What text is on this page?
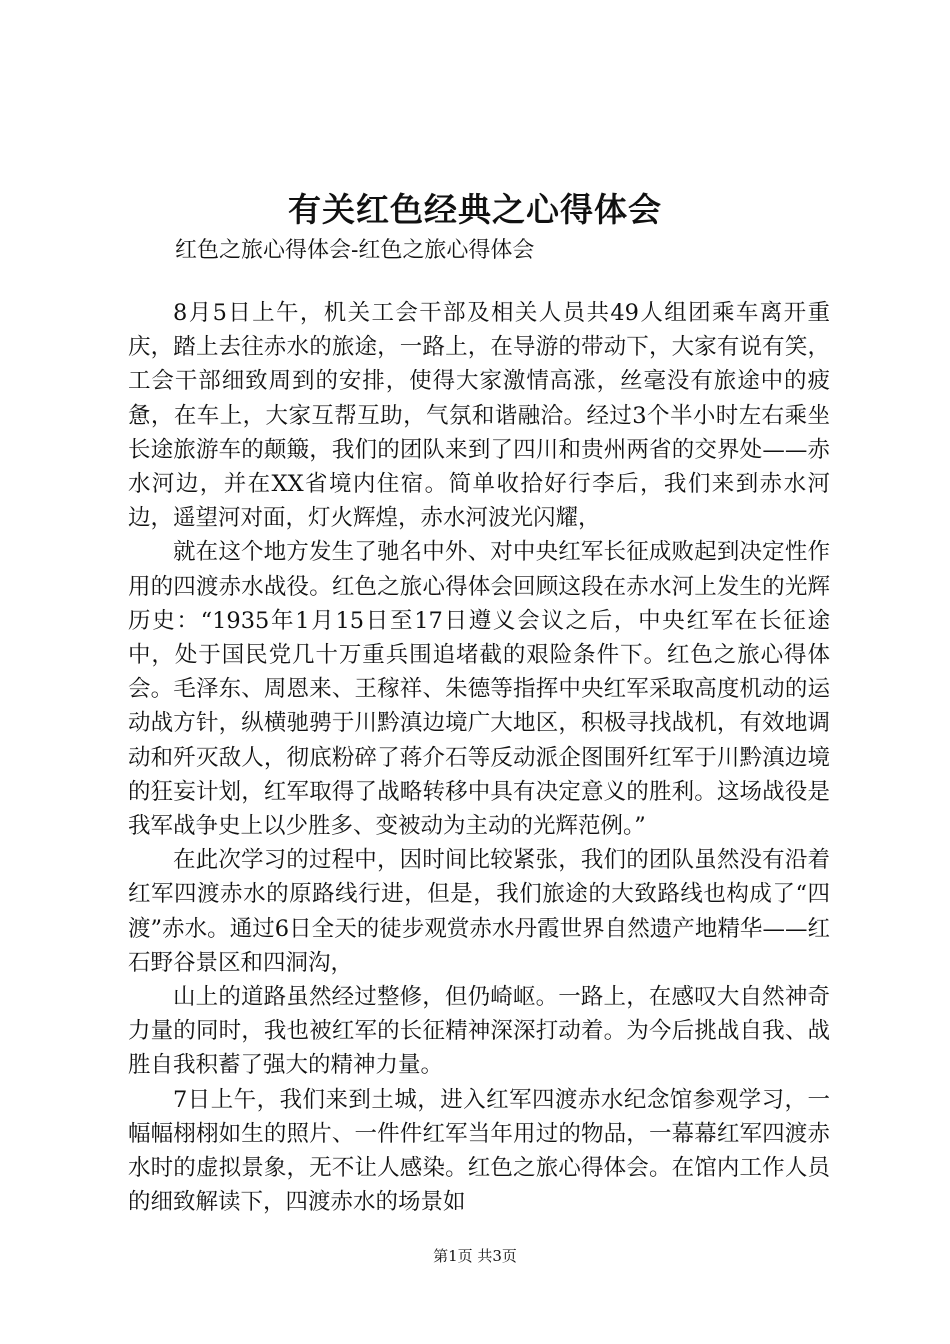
有关红色经典之心得体会

红色之旅心得体会-红色之旅心得体会

8月5日上午，机关工会干部及相关人员共49人组团乘车离开重庆，踏上去往赤水的旅途，一路上，在导游的带动下，大家有说有笑，工会干部细致周到的安排，使得大家激情高涨，丝毫没有旅途中的疲惫，在车上，大家互帮互助，气氛和谐融洽。经过3个半小时左右乘坐长途旅游车的颠簸，我们的团队来到了四川和贵州两省的交界处——赤水河边，并在XX省境内住宿。简单收拾好行李后，我们来到赤水河边，遥望河对面，灯火辉煌，赤水河波光闪耀，

就在这个地方发生了驰名中外、对中央红军长征成败起到决定性作用的四渡赤水战役。红色之旅心得体会回顾这段在赤水河上发生的光辉历史：“1935年1月15日至17日遵义会议之后，中央红军在长征途中，处于国民党几十万重兵围追堵截的艰险条件下。红色之旅心得体会。毛泽东、周恩来、王稼祥、朱德等指挥中央红军采取高度机动的运动战方针，纵横驰骋于川黔滇边境广大地区，积极寻找战机，有效地调动和歼灭敌人，彻底粉碎了蒋介石等反动派企图围歼红军于川黔滇边境的狂妄计划，红军取得了战略转移中具有决定意义的胜利。这场战役是我军战争史上以少胜多、变被动为主动的光辉范例。”

在此次学习的过程中，因时间比较紧张，我们的团队虽然没有沿着红军四渡赤水的原路线行进，但是，我们旅途的大致路线也构成了“四渡”赤水。通过6日全天的徒步观赏赤水丹霞世界自然遗产地精华——红石野谷景区和四洞沟，

山上的道路虽然经过整修，但仍崎岖。一路上，在感叹大自然神奇力量的同时，我也被红军的长征精神深深打动着。为今后挑战自我、战胜自我积蓄了强大的精神力量。

7日上午，我们来到土城，进入红军四渡赤水纪念馆参观学习，一幅幅栩栩如生的照片、一件件红军当年用过的物品，一幕幕红军四渡赤水时的虚拟景象，无不让人感染。红色之旅心得体会。在馆内工作人员的细致解读下，四渡赤水的场景如

第1页 共3页
